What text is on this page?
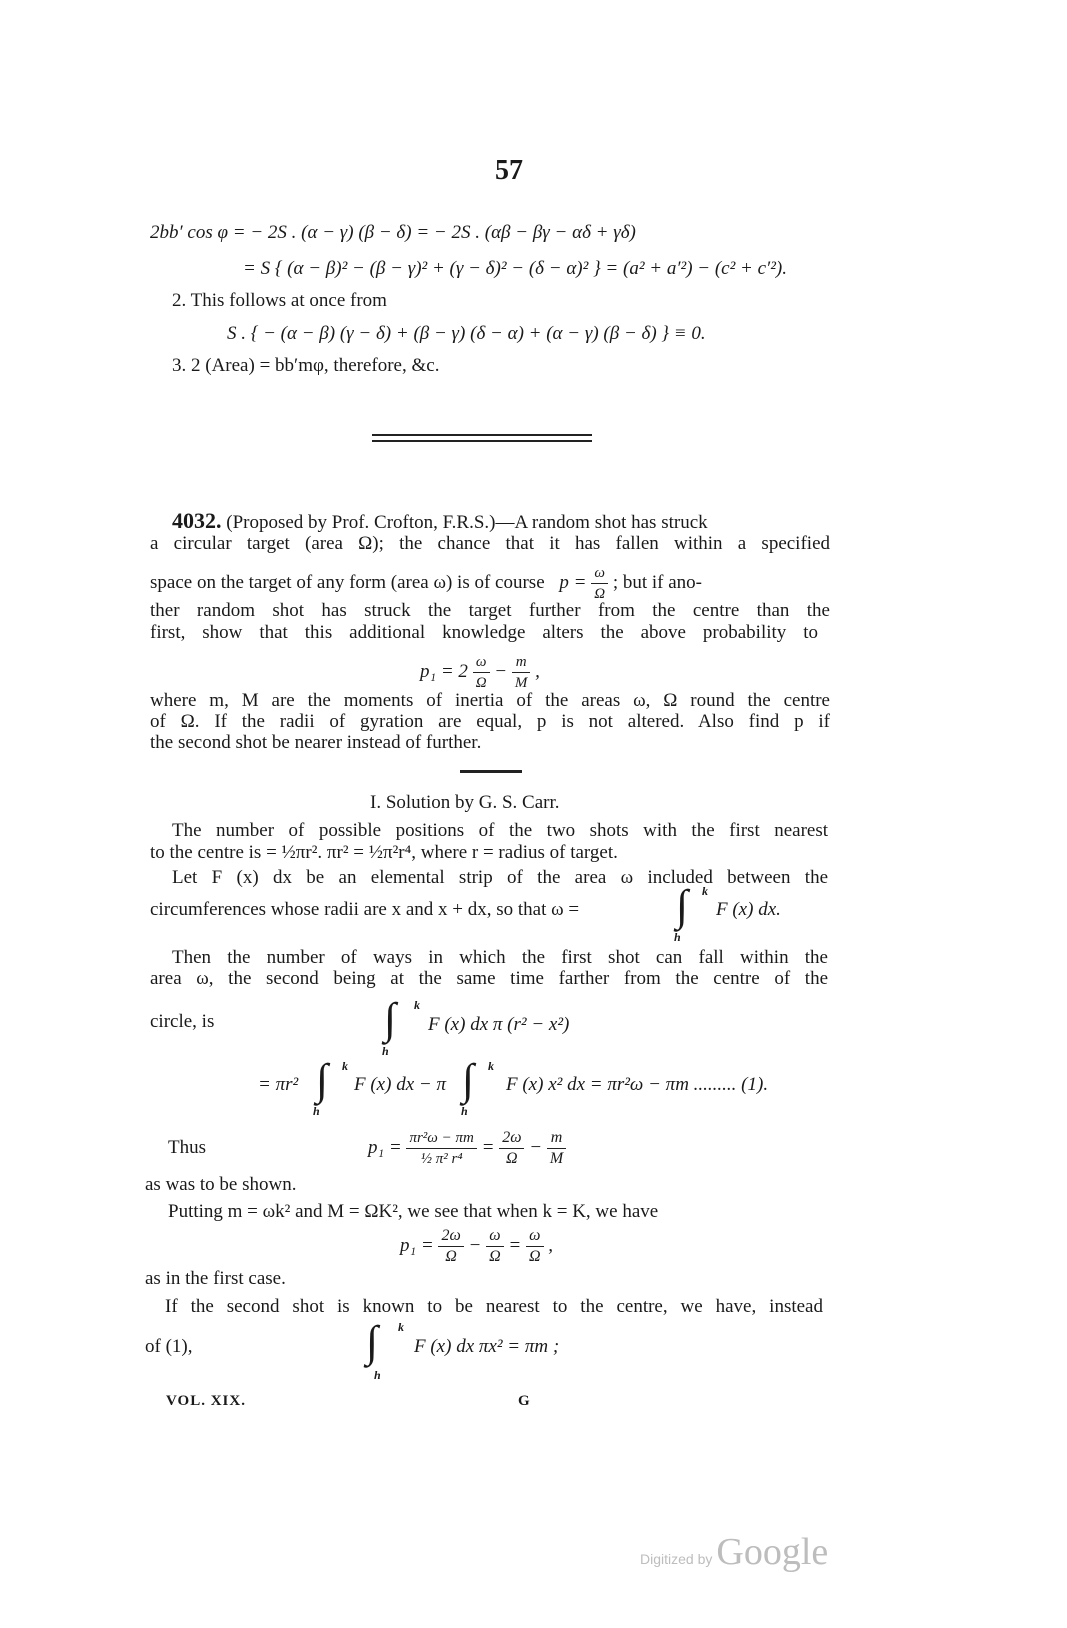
57
2bb′ cos φ = − 2S . (α − γ) (β − δ) = − 2S . (αβ − βγ − αδ + γδ)
= S { (α − β)² − (β − γ)² + (γ − δ)² − (δ − α)² } = (a² + a′²) − (c² + c′²).
2. This follows at once from
S . { − (α − β) (γ − δ) + (β − γ) (δ − α) + (α − γ) (β − δ) } ≡ 0.
3. 2 (Area) = bb′mφ, therefore, &c.
4032. (Proposed by Prof. Crofton, F.R.S.)—A random shot has struck
a circular target (area Ω); the chance that it has fallen within a specified
space on the target of any form (area ω) is of course $p = \frac{\omega}{\Omega}$ ; but if ano-
ther random shot has struck the target further from the centre than the
first, show that this additional knowledge alters the above probability to
$p_1 = 2 \frac{\omega}{\Omega} - \frac{m}{M}$ ,
where m, M are the moments of inertia of the areas ω, Ω round the centre
of Ω. If the radii of gyration are equal, p is not altered. Also find p if
the second shot be nearer instead of further.
I. Solution by G. S. Carr.
The number of possible positions of the two shots with the first nearest
to the centre is = ½πr². πr² = ½π²r⁴, where r = radius of target.
Let F (x) dx be an elemental strip of the area ω included between the
circumferences whose radii are x and x + dx, so that ω = ∫ k
h
F (x) dx.
Then the number of ways in which the first shot can fall within the
area ω, the second being at the same time farther from the centre of the
circle, is	∫ k
h
F (x) dx π (r² − x²)
= πr² ∫ k
h
F (x) dx − π ∫ k
h
F (x) x² dx = πr²ω − πm ......... (1).
Thus	$p_1 = \frac{\text{πr²ω − πm}}{\text{½ π² r⁴}} = \frac{2\omega}{\Omega} - \frac{m}{M}$
as was to be shown.
Putting m = ωk² and M = ΩK², we see that when k = K, we have
$p_1 = \frac{2\omega}{\Omega} - \frac{\omega}{\Omega} = \frac{\omega}{\Omega}$ ,
as in the first case.
If the second shot is known to be nearest to the centre, we have, instead
of (1),	∫ k
h
F (x) dx πx² = πm ;
VOL. XIX.	G
Digitized by Google
